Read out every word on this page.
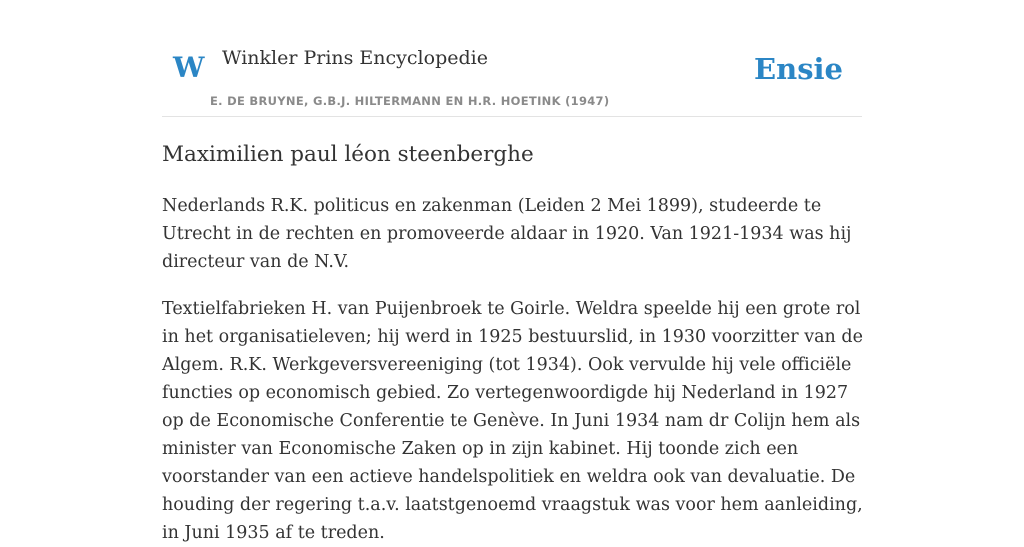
W Winkler Prins Encyclopedie
E. DE BRUYNE, G.B.J. HILTERMANN EN H.R. HOETINK (1947)
Ensie
Maximilien paul léon steenberghe

Nederlands R.K. politicus en zakenman (Leiden 2 Mei 1899), studeerde te Utrecht in de rechten en promoveerde aldaar in 1920. Van 1921-1934 was hij directeur van de N.V.

Textielfabrieken H. van Puijenbroek te Goirle. Weldra speelde hij een grote rol in het organisatieleven; hij werd in 1925 bestuurslid, in 1930 voorzitter van de Algem. R.K. Werkgeversvereeniging (tot 1934). Ook vervulde hij vele officiële functies op economisch gebied. Zo vertegenwoordigde hij Nederland in 1927 op de Economische Conferentie te Genève. In Juni 1934 nam dr Colijn hem als minister van Economische Zaken op in zijn kabinet. Hij toonde zich een voorstander van een actieve handelspolitiek en weldra ook van devaluatie. De houding der regering t.a.v. laatstgenoemd vraagstuk was voor hem aanleiding, in Juni 1935 af te treden.
